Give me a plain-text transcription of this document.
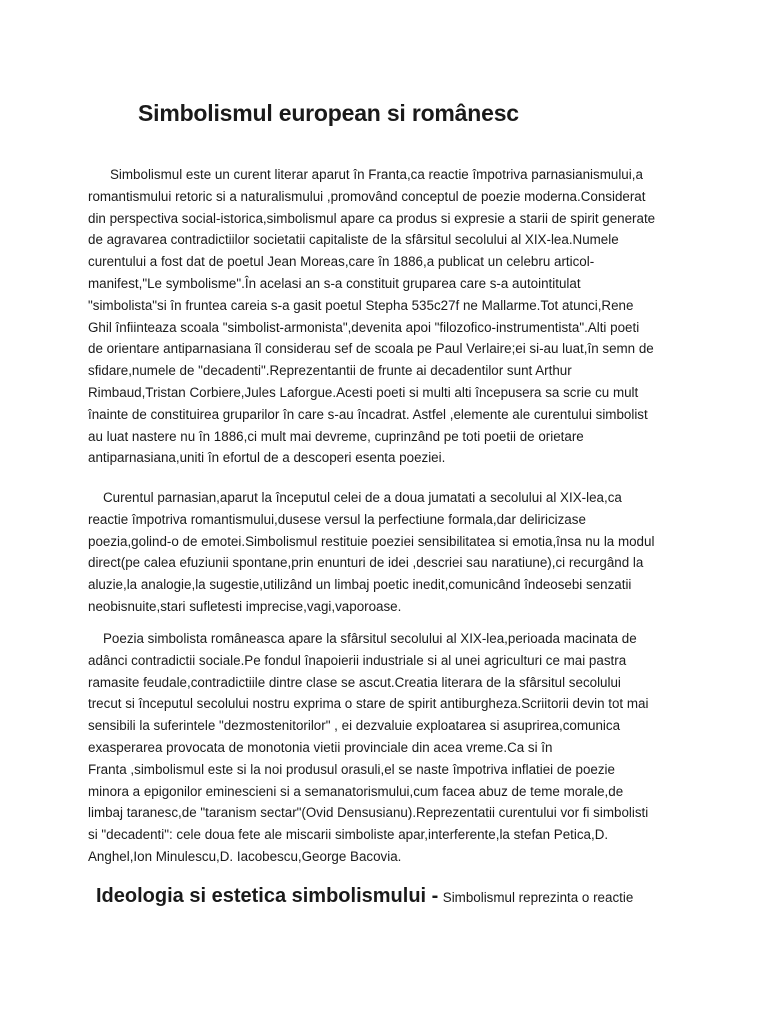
Simbolismul european si românesc
Simbolismul este un curent literar aparut în Franta,ca reactie împotriva parnasianismului,a
romantismului retoric si a naturalismului ,promovând conceptul de poezie moderna.Considerat
din perspectiva social-istorica,simbolismul apare ca produs si expresie a starii de spirit generate
de agravarea contradictiilor societatii capitaliste de la sfârsitul secolului al XIX-lea.Numele
curentului a fost dat de poetul Jean Moreas,care în 1886,a publicat un celebru articol-
manifest,"Le symbolisme".În acelasi an s-a constituit gruparea care s-a autointitulat
"simbolista"si în fruntea careia s-a gasit poetul Stepha 535c27f ne Mallarme.Tot atunci,Rene
Ghil înfiinteaza scoala "simbolist-armonista",devenita apoi "filozofico-instrumentista".Alti poeti
de orientare antiparnasiana îl considerau sef de scoala pe Paul Verlaire;ei si-au luat,în semn de
sfidare,numele de "decadenti".Reprezentantii de frunte ai decadentilor sunt Arthur
Rimbaud,Tristan Corbiere,Jules Laforgue.Acesti poeti si multi alti începusera sa scrie cu mult
înainte de constituirea gruparilor în care s-au încadrat. Astfel ,elemente ale curentului simbolist
au luat nastere nu în 1886,ci mult mai devreme, cuprinzând pe toti poetii de orietare
antiparnasiana,uniti în efortul de a descoperi esenta poeziei.
Curentul parnasian,aparut la începutul celei de a doua jumatati a secolului al XIX-lea,ca
reactie împotriva romantismului,dusese versul la perfectiune formala,dar deliricizase
poezia,golind-o de emotei.Simbolismul restituie poeziei sensibilitatea si emotia,însa nu la modul
direct(pe calea efuziunii spontane,prin enunturi de idei ,descriei sau naratiune),ci recurgând la
aluzie,la analogie,la sugestie,utilizând un limbaj poetic inedit,comunicând îndeosebi senzatii
neobisnuite,stari sufletesti imprecise,vagi,vaporoase.
Poezia simbolista româneasca apare la sfârsitul secolului al XIX-lea,perioada macinata de
adânci contradictii sociale.Pe fondul înapoierii industriale si al unei agriculturi ce mai pastra
ramasite feudale,contradictiile dintre clase se ascut.Creatia literara de la sfârsitul secolului
trecut si începutul secolului nostru exprima o stare de spirit antiburgheza.Scriitorii devin tot mai
sensibili la suferintele "dezmostenitorilor" , ei dezvaluie exploatarea si asuprirea,comunica
exasperarea provocata de monotonia vietii provinciale din acea vreme.Ca si în
Franta ,simbolismul este si la noi produsul orasuli,el se naste împotriva inflatiei de poezie
minora a epigonilor eminescieni si a semanatorismului,cum facea abuz de teme morale,de
limbaj taranesc,de "taranism sectar"(Ovid Densusianu).Reprezentatii curentului vor fi simbolisti
si "decadenti": cele doua fete ale miscarii simboliste apar,interferente,la stefan Petica,D.
Anghel,Ion Minulescu,D. Iacobescu,George Bacovia.
Ideologia si estetica simbolismului - Simbolismul reprezinta o reactie
